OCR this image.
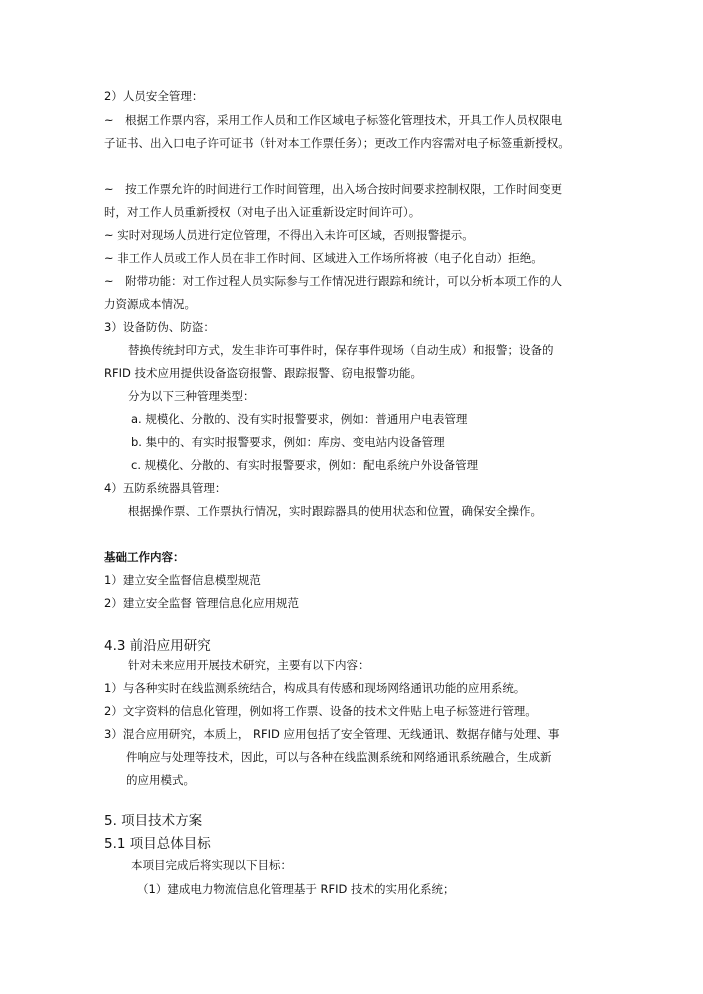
2）人员安全管理：
~　根据工作票内容，采用工作人员和工作区域电子标签化管理技术，开具工作人员权限电
子证书、出入口电子许可证书（针对本工作票任务）；更改工作内容需对电子标签重新授权。
~　按工作票允许的时间进行工作时间管理，出入场合按时间要求控制权限，工作时间变更
时，对工作人员重新授权（对电子出入证重新设定时间许可）。
~ 实时对现场人员进行定位管理，不得出入未许可区域，否则报警提示。
~ 非工作人员或工作人员在非工作时间、区域进入工作场所将被（电子化自动）拒绝。
~　附带功能：对工作过程人员实际参与工作情况进行跟踪和统计，可以分析本项工作的人
力资源成本情况。
3）设备防伪、防盗：
替换传统封印方式，发生非许可事件时，保存事件现场（自动生成）和报警；设备的
RFID 技术应用提供设备盗窃报警、跟踪报警、窃电报警功能。
分为以下三种管理类型：
a. 规模化、分散的、没有实时报警要求，例如：普通用户电表管理
b. 集中的、有实时报警要求，例如：库房、变电站内设备管理
c. 规模化、分散的、有实时报警要求，例如：配电系统户外设备管理
4）五防系统器具管理：
根据操作票、工作票执行情况，实时跟踪器具的使用状态和位置，确保安全操作。
基础工作内容：
1）建立安全监督信息模型规范
2）建立安全监督 管理信息化应用规范
4.3 前沿应用研究
针对未来应用开展技术研究，主要有以下内容：
1）与各种实时在线监测系统结合，构成具有传感和现场网络通讯功能的应用系统。
2）文字资料的信息化管理，例如将工作票、设备的技术文件贴上电子标签进行管理。
3）混合应用研究，本质上， RFID 应用包括了安全管理、无线通讯、数据存储与处理、事
件响应与处理等技术，因此，可以与各种在线监测系统和网络通讯系统融合，生成新
的应用模式。
5. 项目技术方案
5.1 项目总体目标
本项目完成后将实现以下目标：
（1）建成电力物流信息化管理基于 RFID 技术的实用化系统；
